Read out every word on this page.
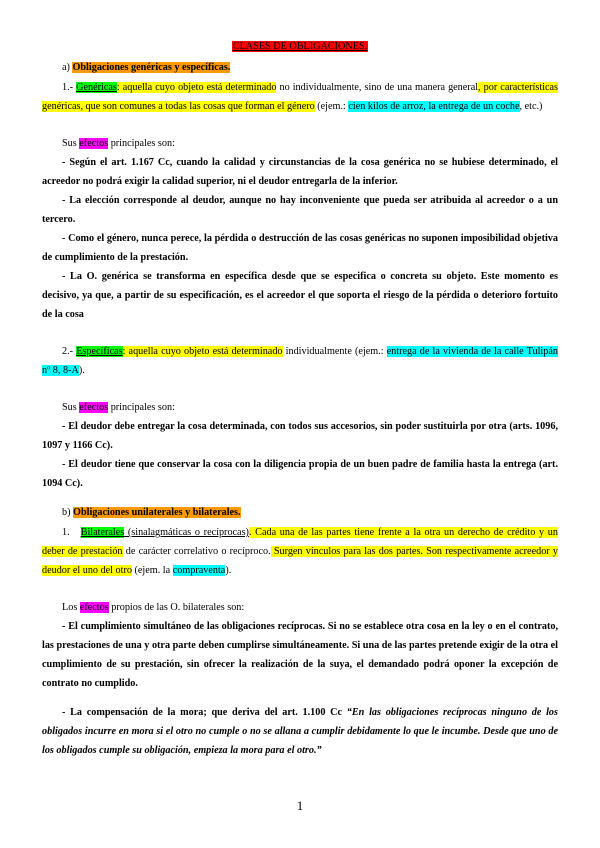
CLASES DE OBLIGACIONES.
a) Obligaciones genéricas y específicas.

1.- Genéricas: aquella cuyo objeto está determinado no individualmente, sino de una manera general, por características genéricas, que son comunes a todas las cosas que forman el género (ejem.: cien kilos de arroz, la entrega de un coche, etc.)

Sus efectos principales son:

- Según el art. 1.167 Cc, cuando la calidad y circunstancias de la cosa genérica no se hubiese determinado, el acreedor no podrá exigir la calidad superior, ni el deudor entregarla de la inferior.

- La elección corresponde al deudor, aunque no hay inconveniente que pueda ser atribuida al acreedor o a un tercero.

- Como el género, nunca perece, la pérdida o destrucción de las cosas genéricas no suponen imposibilidad objetiva de cumplimiento de la prestación.

- La O. genérica se transforma en específica desde que se especifica o concreta su objeto. Este momento es decisivo, ya que, a partir de su especificación, es el acreedor el que soporta el riesgo de la pérdida o deterioro fortuito de la cosa

2.- Específicas: aquella cuyo objeto está determinado individualmente (ejem.: entrega de la vivienda de la calle Tulipán nº 8, 8-A).

Sus efectos principales son:

- El deudor debe entregar la cosa determinada, con todos sus accesorios, sin poder sustituirla por otra (arts. 1096, 1097 y 1166 Cc).

- El deudor tiene que conservar la cosa con la diligencia propia de un buen padre de familia hasta la entrega (art. 1094 Cc).

b) Obligaciones unilaterales y bilaterales.

1. Bilaterales (sinalagmáticas o recíprocas). Cada una de las partes tiene frente a la otra un derecho de crédito y un deber de prestación de carácter correlativo o recíproco. Surgen vínculos para las dos partes. Son respectivamente acreedor y deudor el uno del otro (ejem. la compraventa).

Los efectos propios de las O. bilaterales son:

- El cumplimiento simultáneo de las obligaciones recíprocas. Si no se establece otra cosa en la ley o en el contrato, las prestaciones de una y otra parte deben cumplirse simultáneamente. Si una de las partes pretende exigir de la otra el cumplimiento de su prestación, sin ofrecer la realización de la suya, el demandado podrá oponer la excepción de contrato no cumplido.

- La compensación de la mora; que deriva del art. 1.100 Cc “En las obligaciones recíprocas ninguno de los obligados incurre en mora si el otro no cumple o no se allana a cumplir debidamente lo que le incumbe. Desde que uno de los obligados cumple su obligación, empieza la mora para el otro.”

1
